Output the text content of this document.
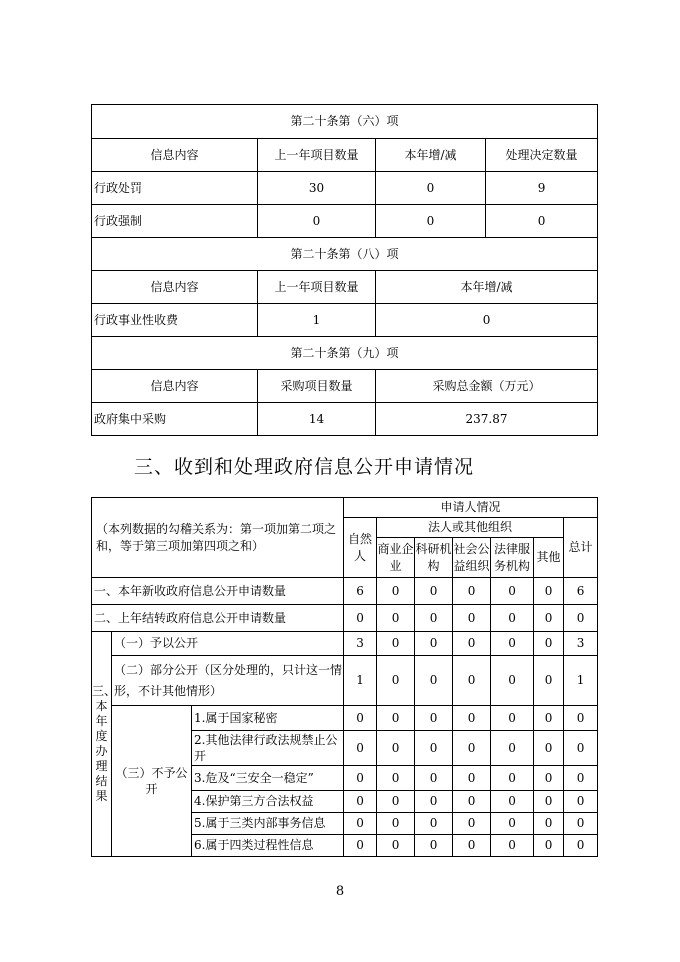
第二十条第（六）项			
信息内容	上一年项目数量	本年增/减	处理决定数量
行政处罚	30	0	9
行政强制	0	0	0
第二十条第（八）项			
信息内容	上一年项目数量	本年增/减	
行政事业性收费	1	0	
第二十条第（九）项			
信息内容	采购项目数量	采购总金额（万元）	
政府集中采购	14	237.87	
三、收到和处理政府信息公开申请情况
（本列数据的勾稽关系为：第一项加第二项之和，等于第三项加第四项之和）			申请人情况						
			自然人	法人或其他组织					总计
				商业企业	科研机构	社会公益组织	法律服务机构	其他	
一、本年新收政府信息公开申请数量			6	0	0	0	0	0	6
二、上年结转政府信息公开申请数量			0	0	0	0	0	0	0
三、本年度办理结果	（一）予以公开		3	0	0	0	0	0	3
	（二）部分公开（区分处理的，只计这一情形，不计其他情形）		1	0	0	0	0	0	1
	（三）不予公开	1.属于国家秘密	0	0	0	0	0	0	0
		2.其他法律行政法规禁止公开	0	0	0	0	0	0	0
		3.危及“三安全一稳定”	0	0	0	0	0	0	0
		4.保护第三方合法权益	0	0	0	0	0	0	0
		5.属于三类内部事务信息	0	0	0	0	0	0	0
		6.属于四类过程性信息	0	0	0	0	0	0	0
8
